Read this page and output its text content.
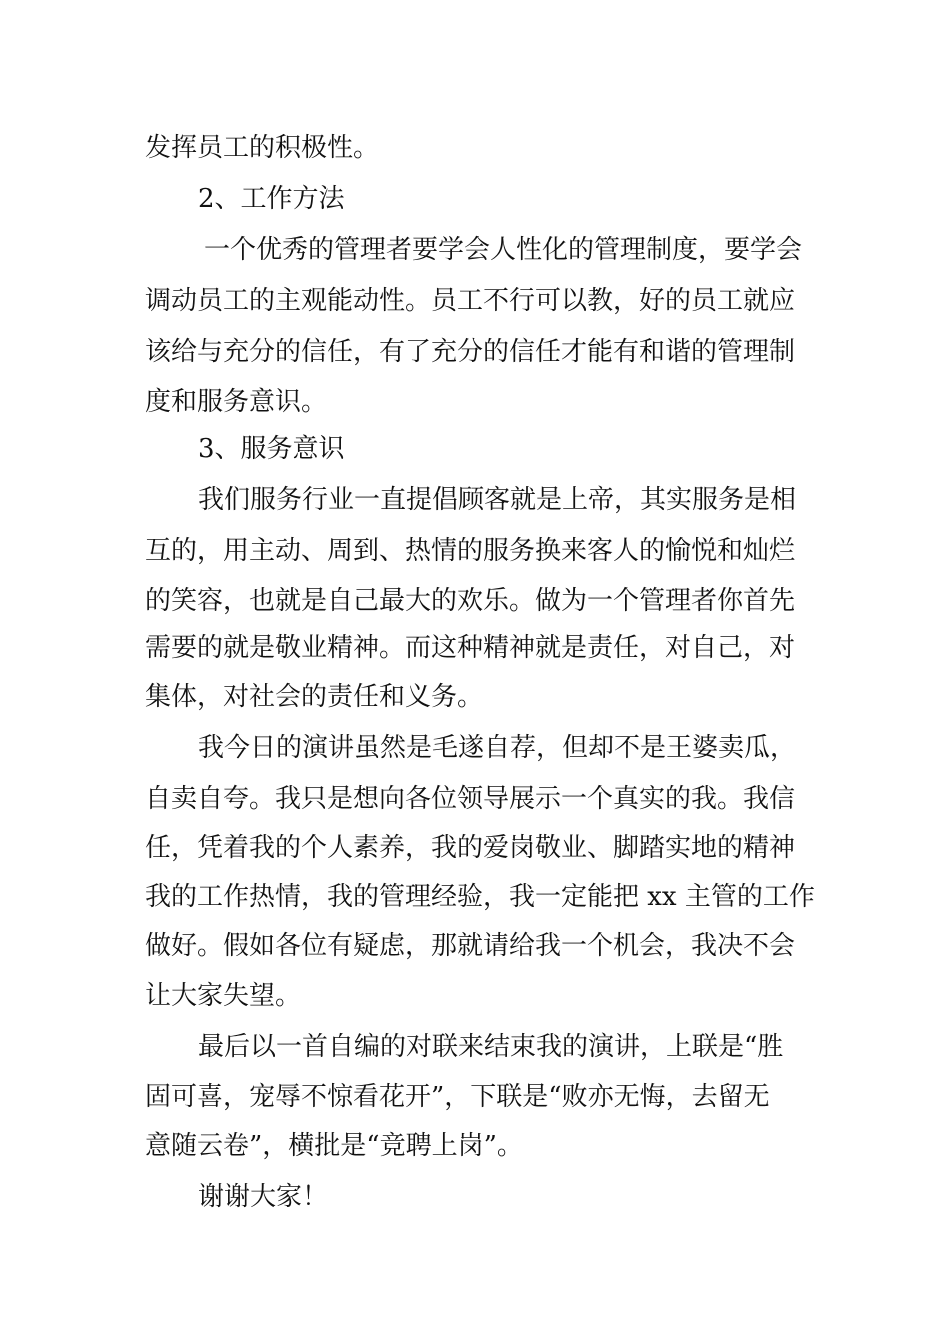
发挥员工的积极性。

2、工作方法

一个优秀的管理者要学会人性化的管理制度，要学会

调动员工的主观能动性。员工不行可以教，好的员工就应

该给与充分的信任，有了充分的信任才能有和谐的管理制

度和服务意识。

3、服务意识

我们服务行业一直提倡顾客就是上帝，其实服务是相

互的，用主动、周到、热情的服务换来客人的愉悦和灿烂

的笑容，也就是自己最大的欢乐。做为一个管理者你首先

需要的就是敬业精神。而这种精神就是责任，对自己，对

集体，对社会的责任和义务。

我今日的演讲虽然是毛遂自荐，但却不是王婆卖瓜，

自卖自夸。我只是想向各位领导展示一个真实的我。我信

任，凭着我的个人素养，我的爱岗敬业、脚踏实地的精神

我的工作热情，我的管理经验，我一定能把 xx 主管的工作

做好。假如各位有疑虑，那就请给我一个机会，我决不会

让大家失望。

最后以一首自编的对联来结束我的演讲，上联是“胜

固可喜，宠辱不惊看花开”，下联是“败亦无悔，去留无

意随云卷”，横批是“竞聘上岗”。

谢谢大家！
